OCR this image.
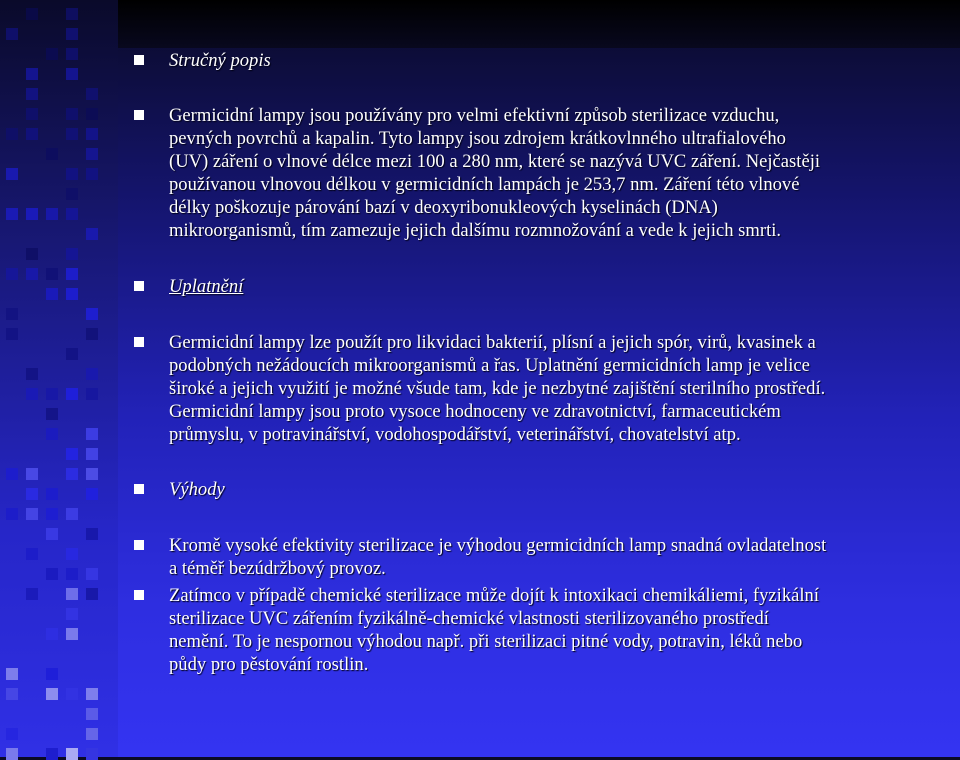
Stručný popis
Germicidní lampy jsou používány pro velmi efektivní způsob sterilizace vzduchu,
pevných povrchů a kapalin. Tyto lampy jsou zdrojem krátkovlnného ultrafialového
(UV) záření o vlnové délce mezi 100 a 280 nm, které se nazývá UVC záření. Nejčastěji
používanou vlnovou délkou v germicidních lampách je 253,7 nm. Záření této vlnové
délky poškozuje párování bazí v deoxyribonukleových kyselinách (DNA)
mikroorganismů, tím zamezuje jejich dalšímu rozmnožování a vede k jejich smrti.
Uplatnění
Germicidní lampy lze použít pro likvidaci bakterií, plísní a jejich spór, virů, kvasinek a
podobných nežádoucích mikroorganismů a řas. Uplatnění germicidních lamp je velice
široké a jejich využití je možné všude tam, kde je nezbytné zajištění sterilního prostředí.
Germicidní lampy jsou proto vysoce hodnoceny ve zdravotnictví, farmaceutickém
průmyslu, v potravinářství, vodohospodářství, veterinářství, chovatelství atp.
Výhody
Kromě vysoké efektivity sterilizace je výhodou germicidních lamp snadná ovladatelnost
a téměř bezúdržbový provoz.
Zatímco v případě chemické sterilizace může dojít k intoxikaci chemikáliemi, fyzikální
sterilizace UVC zářením fyzikálně-chemické vlastnosti sterilizovaného prostředí
nemění. To je nespornou výhodou např. při sterilizaci pitné vody, potravin, léků nebo
půdy pro pěstování rostlin.
